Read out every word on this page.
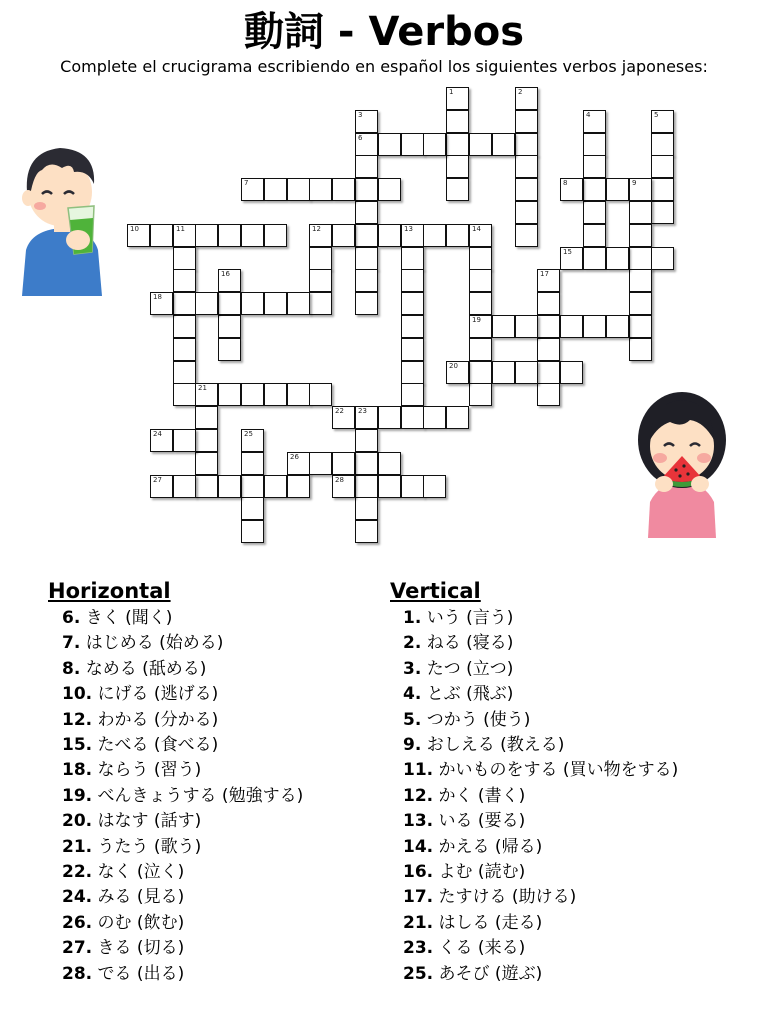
動詞 - Verbos
Complete el crucigrama escribiendo en español los siguientes verbos japoneses:
1	2
3
6
4	5
7	8	9
10	11	12	13	14
19
15
16	17
18
20
21
22 23
24	25
26
27	28
Horizontal
6. きく (聞く)
7. はじめる (始める)
8. なめる (舐める)
10. にげる (逃げる)
12. わかる (分かる)
15. たべる (食べる)
18. ならう (習う)
19. べんきょうする (勉強する)
20. はなす (話す)
21. うたう (歌う)
22. なく (泣く)
24. みる (見る)
26. のむ (飲む)
27. きる (切る)
28. でる (出る)
Vertical
1. いう (言う)
2. ねる (寝る)
3. たつ (立つ)
4. とぶ (飛ぶ)
5. つかう (使う)
9. おしえる (教える)
11. かいものをする (買い物をする)
12. かく (書く)
13. いる (要る)
14. かえる (帰る)
16. よむ (読む)
17. たすける (助ける)
21. はしる (走る)
23. くる (来る)
25. あそび (遊ぶ)
